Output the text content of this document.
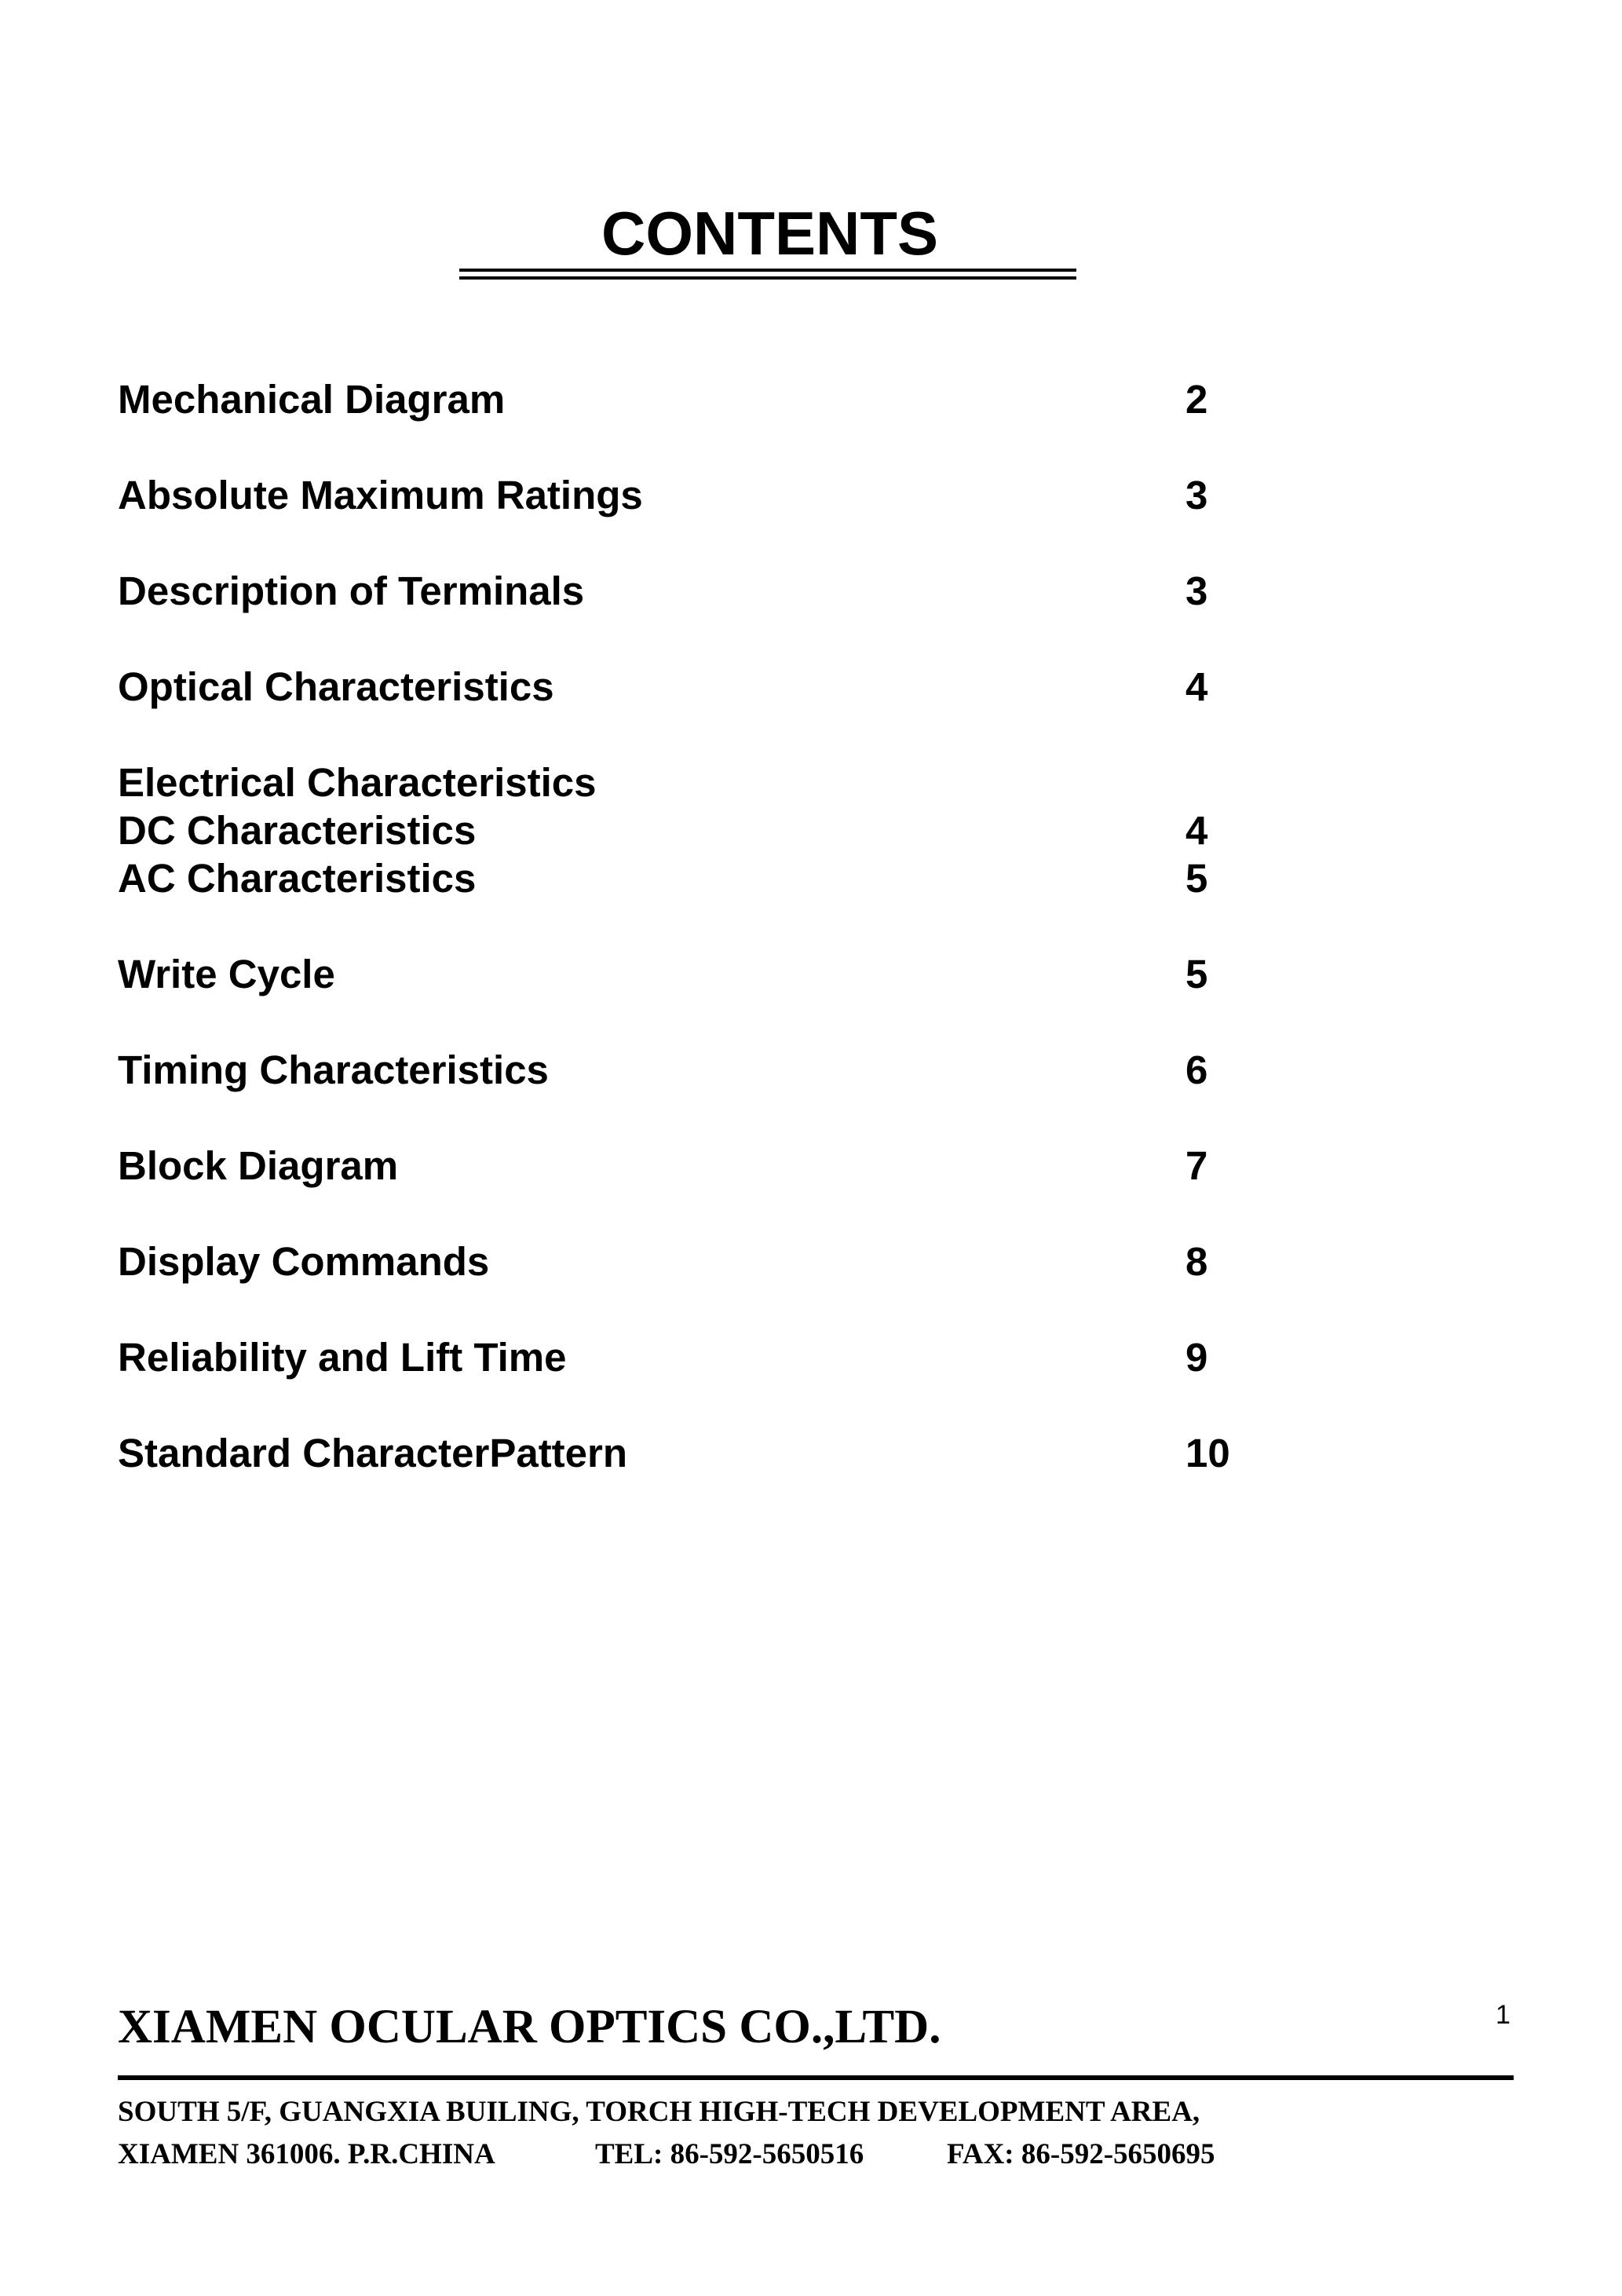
CONTENTS
Mechanical Diagram	2
Absolute Maximum Ratings	3
Description of Terminals	3
Optical Characteristics	4
Electrical Characteristics
DC Characteristics	4
AC Characteristics	5
Write Cycle	5
Timing Characteristics	6
Block Diagram	7
Display Commands	8
Reliability and Lift Time	9
Standard CharacterPattern	10
XIAMEN OCULAR OPTICS CO.,LTD.	1
SOUTH 5/F, GUANGXIA BUILING, TORCH HIGH-TECH DEVELOPMENT AREA,
XIAMEN 361006. P.R.CHINA	TEL: 86-592-5650516	FAX: 86-592-5650695
